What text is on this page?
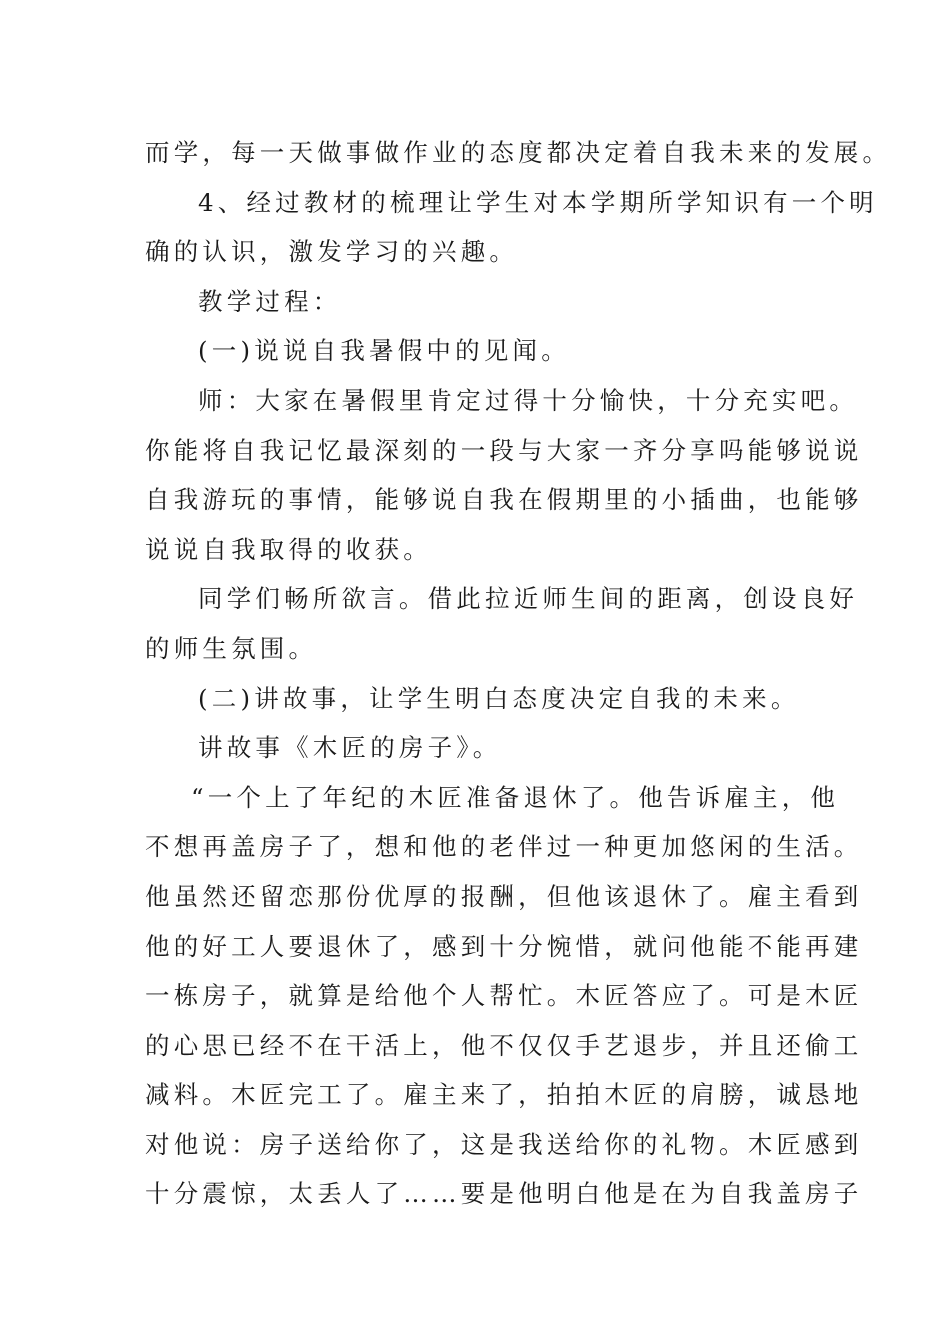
而学，每一天做事做作业的态度都决定着自我未来的发展。
4、经过教材的梳理让学生对本学期所学知识有一个明
确的认识，激发学习的兴趣。
教学过程：
(一)说说自我暑假中的见闻。
师：大家在暑假里肯定过得十分愉快，十分充实吧。
你能将自我记忆最深刻的一段与大家一齐分享吗能够说说
自我游玩的事情，能够说自我在假期里的小插曲，也能够
说说自我取得的收获。
同学们畅所欲言。借此拉近师生间的距离，创设良好
的师生氛围。
(二)讲故事，让学生明白态度决定自我的未来。
讲故事《木匠的房子》。
“一个上了年纪的木匠准备退休了。他告诉雇主，他
不想再盖房子了，想和他的老伴过一种更加悠闲的生活。
他虽然还留恋那份优厚的报酬，但他该退休了。雇主看到
他的好工人要退休了，感到十分惋惜，就问他能不能再建
一栋房子，就算是给他个人帮忙。木匠答应了。可是木匠
的心思已经不在干活上，他不仅仅手艺退步，并且还偷工
减料。木匠完工了。雇主来了，拍拍木匠的肩膀，诚恳地
对他说：房子送给你了，这是我送给你的礼物。木匠感到
十分震惊，太丢人了……要是他明白他是在为自我盖房子
